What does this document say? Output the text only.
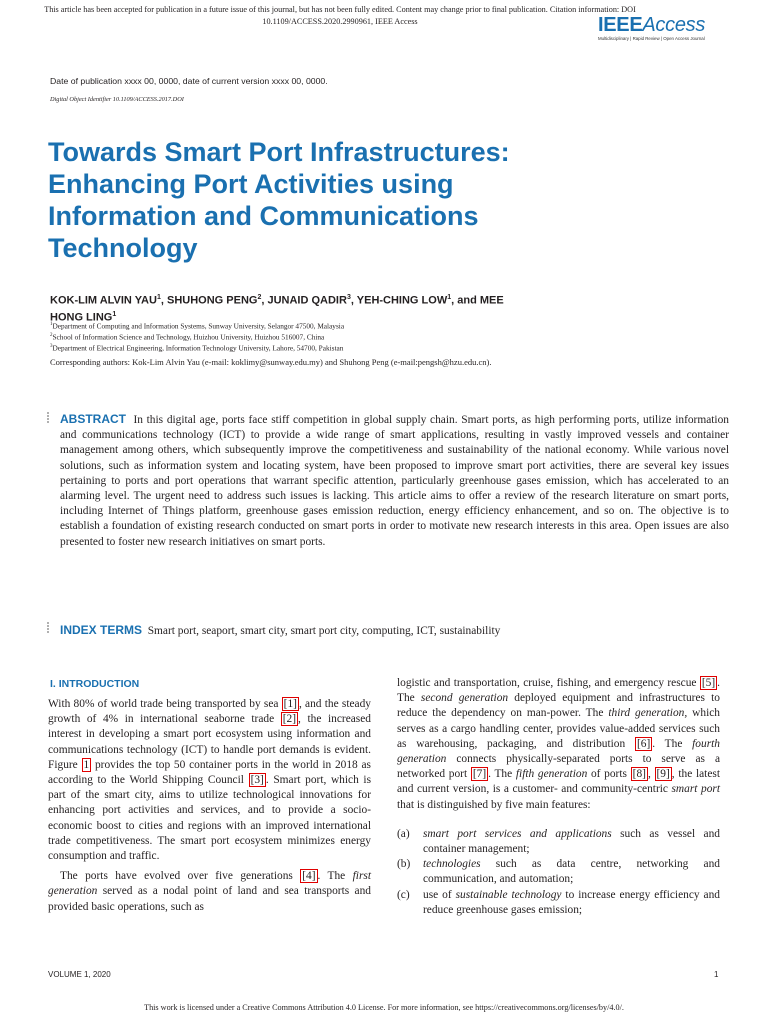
This article has been accepted for publication in a future issue of this journal, but has not been fully edited. Content may change prior to final publication. Citation information: DOI
10.1109/ACCESS.2020.2990961, IEEE Access	IEEEAccess
Multidisciplinary | Rapid Review | Open Access Journal
Date of publication xxxx 00, 0000, date of current version xxxx 00, 0000.
Digital Object Identifier 10.1109/ACCESS.2017.DOI
Towards Smart Port Infrastructures:
Enhancing Port Activities using
Information and Communications
Technology
KOK-LIM ALVIN YAU$^1$, SHUHONG PENG$^2$, JUNAID QADIR$^3$, YEH-CHING LOW$^1$, and MEE
HONG LING$^1$
$^1$Department of Computing and Information Systems, Sunway University, Selangor 47500, Malaysia
$^2$School of Information Science and Technology, Huizhou University, Huizhou 516007, China
$^3$Department of Electrical Engineering, Information Technology University, Lahore, 54700, Pakistan
Corresponding authors: Kok-Lim Alvin Yau (e-mail: koklimy@sunway.edu.my) and Shuhong Peng (e-mail:pengsh@hzu.edu.cn).
ABSTRACT In this digital age, ports face stiff competition in global supply chain. Smart ports, as high performing ports, utilize information and communications technology (ICT) to provide a wide range of smart applications, resulting in vastly improved vessels and container management among others, which subsequently improve the competitiveness and sustainability of the national economy. While various novel solutions, such as information system and locating system, have been proposed to improve smart port activities, there are several key issues pertaining to ports and port operations that warrant specific attention, particularly greenhouse gases emission, which has accelerated to an alarming level. The urgent need to address such issues is lacking. This article aims to offer a review of the research literature on smart ports, including Internet of Things platform, greenhouse gases emission reduction, energy efficiency enhancement, and so on. The objective is to establish a foundation of existing research conducted on smart ports in order to motivate new research interests in this area. Open issues are also presented to foster new research initiatives on smart ports.
INDEX TERMS Smart port, seaport, smart city, smart port city, computing, ICT, sustainability
I. INTRODUCTION
With 80% of world trade being transported by sea [1] , and the steady growth of 4% in international seaborne trade [2] , the increased interest in developing a smart port ecosystem using information and communications technology (ICT) to handle port demands is evident. Figure 1 provides the top 50 container ports in the world in 2018 as according to the World Shipping Council [3] . Smart port, which is part of the smart city, aims to utilize technological innovations for enhancing port activities and services, and to provide a socio-economic boost to cities and regions with an improved international trade competitiveness. The smart port ecosystem minimizes energy consumption and traffic.
The ports have evolved over five generations [4] . The first generation served as a nodal point of land and sea transports and provided basic operations, such as
logistic and transportation, cruise, fishing, and emergency rescue [5] . The second generation deployed equipment and infrastructures to reduce the dependency on man-power. The third generation, which serves as a cargo handling center, provides value-added services such as warehousing, packaging, and distribution [6] . The fourth generation connects physically-separated ports to serve as a networked port [7] . The fifth generation of ports [8] , [9] , the latest and current version, is a customer- and community-centric smart port that is distinguished by five main features:
(a)	smart port services and applications such as vessel and container management;
(b)	technologies such as data centre, networking and communication, and automation;
(c)	use of sustainable technology to increase energy efficiency and reduce greenhouse gases emission;
VOLUME 1, 2020	1
This work is licensed under a Creative Commons Attribution 4.0 License. For more information, see https://creativecommons.org/licenses/by/4.0/.
